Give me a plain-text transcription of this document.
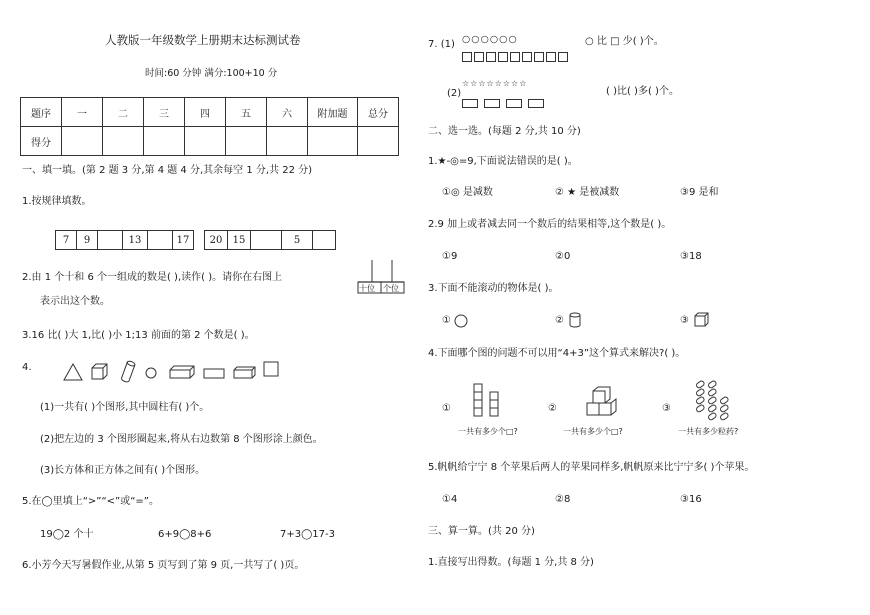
人教版一年级数学上册期末达标测试卷
时间:60 分钟 满分:100+10 分
题序	一	二	三	四	五	六	附加题	总分
得分								
一、填一填。(第 2 题 3 分,第 4 题 4 分,其余每空 1 分,共 22 分)
1.按规律填数。
7	9	13	17	20	15	5
2.由 1 个十和 6 个一组成的数是( ),读作( )。请你在右图上
表示出这个数。
十位 个位
3.16 比( )大 1,比( )小 1;13 前面的第 2 个数是( )。
4.
(1)一共有( )个图形,其中圆柱有( )个。
(2)把左边的 3 个图形圈起来,将从右边数第 8 个图形涂上颜色。
(3)长方体和正方体之间有( )个图形。
5.在◯里填上“>”“<”或“=”。
19◯2 个十	6+9◯8+6	7+3◯17-3
6.小芳今天写暑假作业,从第 5 页写到了第 9 页,一共写了( )页。
7. (1) ○○○○○○	○ 比 □ 少( )个。
(2)
☆☆☆☆☆☆☆☆
( )比( )多( )个。
二、选一选。(每题 2 分,共 10 分)
1.★-◎=9,下面说法错误的是( )。
①◎ 是减数	② ★ 是被减数	③9 是和
2.9 加上或者减去同一个数后的结果相等,这个数是( )。
①9	②0	③18
3.下面不能滚动的物体是( )。
①	②	③
4.下面哪个图的问题不可以用“4+3”这个算式来解决?( )。
①
一共有多少个□?
②
一共有多少个□?
③
一共有多少粒药?
5.帆帆给宁宁 8 个苹果后两人的苹果同样多,帆帆原来比宁宁多( )个苹果。
①4	②8	③16
三、算一算。(共 20 分)
1.直接写出得数。(每题 1 分,共 8 分)
